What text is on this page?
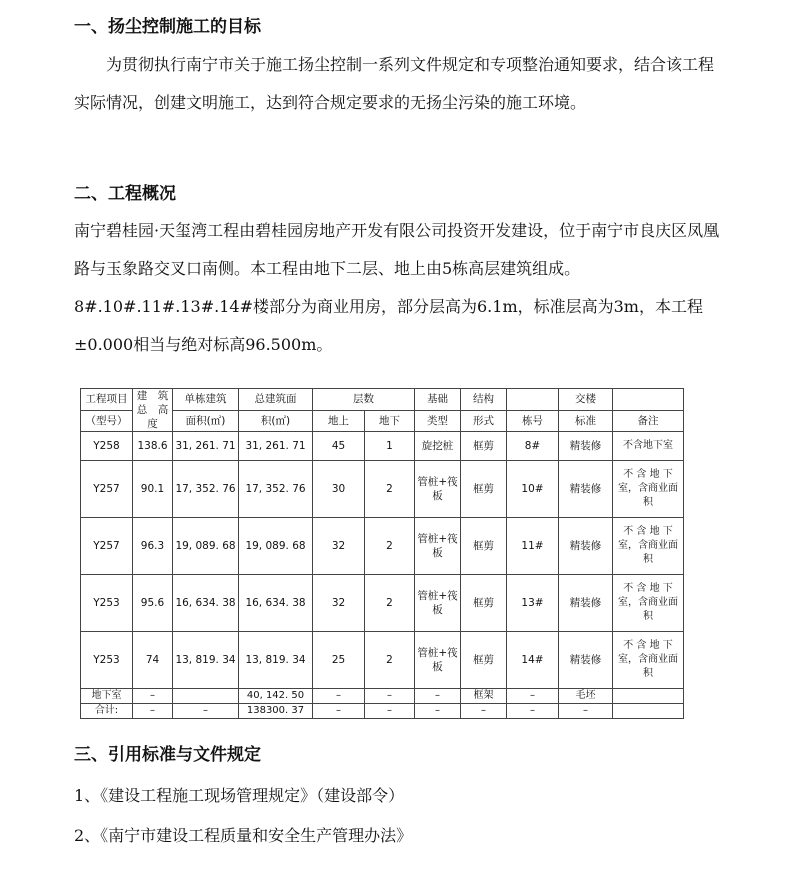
一、扬尘控制施工的目标

为贯彻执行南宁市关于施工扬尘控制一系列文件规定和专项整治通知要求，结合该工程实际情况，创建文明施工，达到符合规定要求的无扬尘污染的施工环境。

二、工程概况

南宁碧桂园·天玺湾工程由碧桂园房地产开发有限公司投资开发建设，位于南宁市良庆区凤凰路与玉象路交叉口南侧。本工程由地下二层、地上由5栋高层建筑组成。8#.10#.11#.13#.14#楼部分为商业用房，部分层高为6.1m，标准层高为3m，本工程±0.000相当与绝对标高96.500m。

工程项目	建　筑总　高度	单栋建筑	总建筑面	层数		基础	结构		交楼	
（型号）		面积(㎡)	积(㎡)	地上	地下	类型	形式	栋号	标准	备注
Y258	138.6	31, 261. 71	31, 261. 71	45	1	旋挖桩	框剪	8#	精装修	不含地下室
Y257	90.1	17, 352. 76	17, 352. 76	30	2	管桩+筏板	框剪	10#	精装修	不 含 地 下室，含商业面积
Y257	96.3	19, 089. 68	19, 089. 68	32	2	管桩+筏板	框剪	11#	精装修	不 含 地 下室，含商业面积
Y253	95.6	16, 634. 38	16, 634. 38	32	2	管桩+筏板	框剪	13#	精装修	不 含 地 下室，含商业面积
Y253	74	13, 819. 34	13, 819. 34	25	2	管桩+筏板	框剪	14#	精装修	不 含 地 下室，含商业面积
地下室	–		40, 142. 50	–	–	–	框架	–	毛坯	
合计:	–	–	138300. 37	–	–	–	–	–	–	
三、引用标准与文件规定

1、《建设工程施工现场管理规定》（建设部令）

2、《南宁市建设工程质量和安全生产管理办法》
